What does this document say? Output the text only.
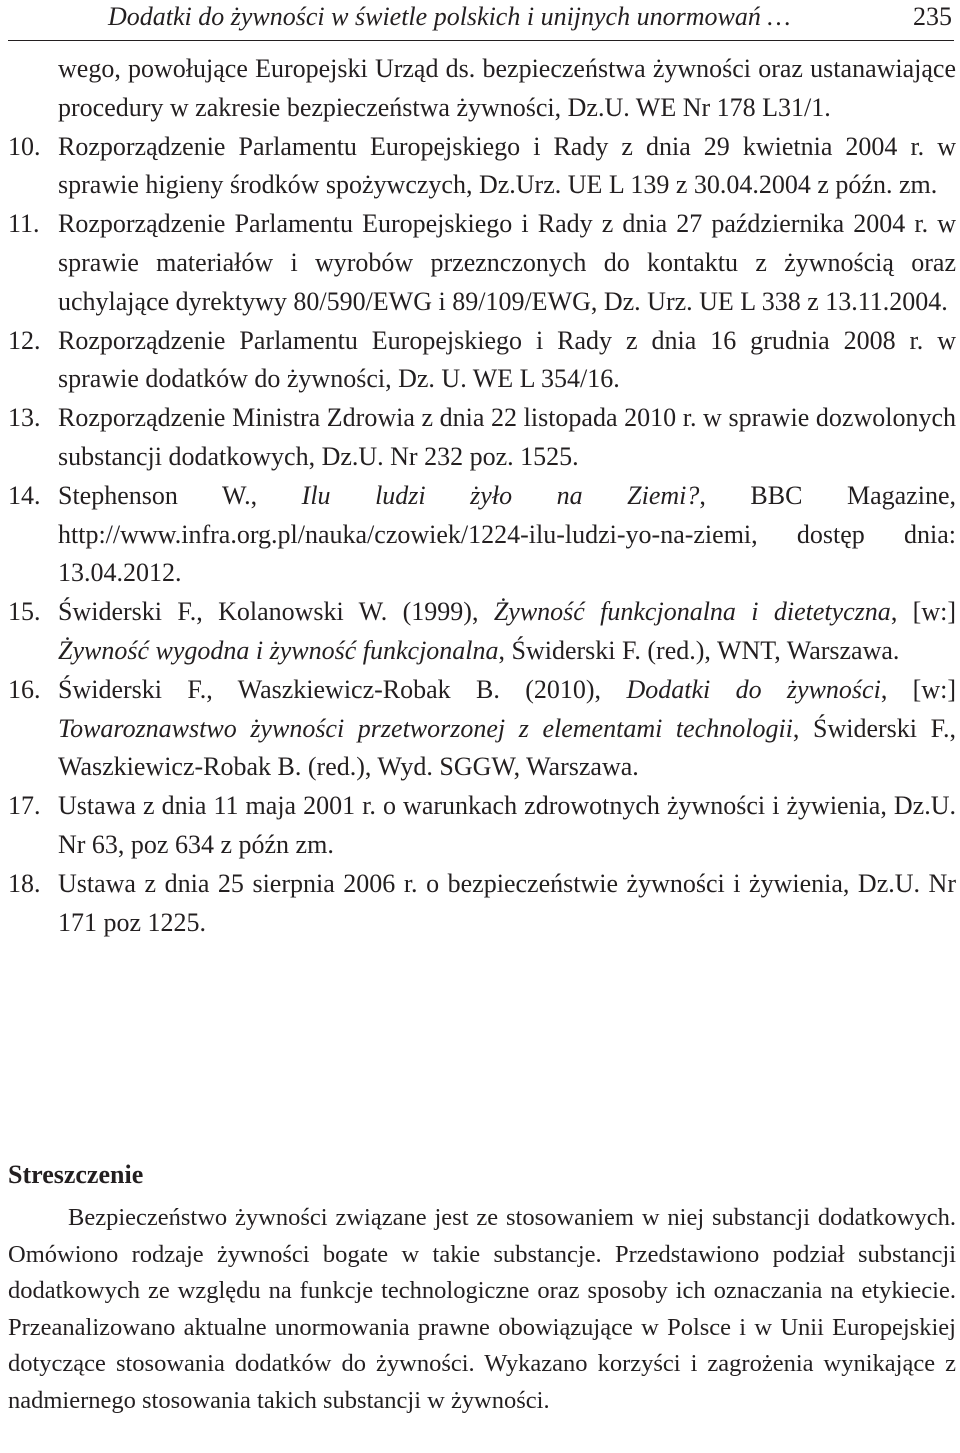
Dodatki do żywności w świetle polskich i unijnych unormowań …	235
wego, powołujące Europejski Urząd ds. bezpieczeństwa żywności oraz ustanawiające procedury w zakresie bezpieczeństwa żywności, Dz.U. WE Nr 178 L31/1.
10. Rozporządzenie Parlamentu Europejskiego i Rady z dnia 29 kwietnia 2004 r. w sprawie higieny środków spożywczych, Dz.Urz. UE L 139 z 30.04.2004 z późn. zm.
11. Rozporządzenie Parlamentu Europejskiego i Rady z dnia 27 października 2004 r. w sprawie materiałów i wyrobów przeznczonych do kontaktu z żywnością oraz uchylające dyrektywy 80/590/EWG i 89/109/EWG, Dz. Urz. UE L 338 z 13.11.2004.
12. Rozporządzenie Parlamentu Europejskiego i Rady z dnia 16 grudnia 2008 r. w sprawie dodatków do żywności, Dz. U. WE L 354/16.
13. Rozporządzenie Ministra Zdrowia z dnia 22 listopada 2010 r. w sprawie dozwolonych substancji dodatkowych, Dz.U. Nr 232 poz. 1525.
14. Stephenson W., Ilu ludzi żyło na Ziemi?, BBC Magazine, http://www.infra.org.pl/nauka/czowiek/1224-ilu-ludzi-yo-na-ziemi, dostęp dnia: 13.04.2012.
15. Świderski F., Kolanowski W. (1999), Żywność funkcjonalna i dietetyczna, [w:] Żywność wygodna i żywność funkcjonalna, Świderski F. (red.), WNT, Warszawa.
16. Świderski F., Waszkiewicz-Robak B. (2010), Dodatki do żywności, [w:] Towaroznawstwo żywności przetworzonej z elementami technologii, Świderski F., Waszkiewicz-Robak B. (red.), Wyd. SGGW, Warszawa.
17. Ustawa z dnia 11 maja 2001 r. o warunkach zdrowotnych żywności i żywienia, Dz.U. Nr 63, poz 634 z późn zm.
18. Ustawa z dnia 25 sierpnia 2006 r. o bezpieczeństwie żywności i żywienia, Dz.U. Nr 171 poz 1225.
Streszczenie

Bezpieczeństwo żywności związane jest ze stosowaniem w niej substancji dodatkowych. Omówiono rodzaje żywności bogate w takie substancje. Przedstawiono podział substancji dodatkowych ze względu na funkcje technologiczne oraz sposoby ich oznaczania na etykiecie. Przeanalizowano aktualne unormowania prawne obowiązujące w Polsce i w Unii Europejskiej dotyczące stosowania dodatków do żywności. Wykazano korzyści i zagrożenia wynikające z nadmiernego stosowania takich substancji w żywności.
